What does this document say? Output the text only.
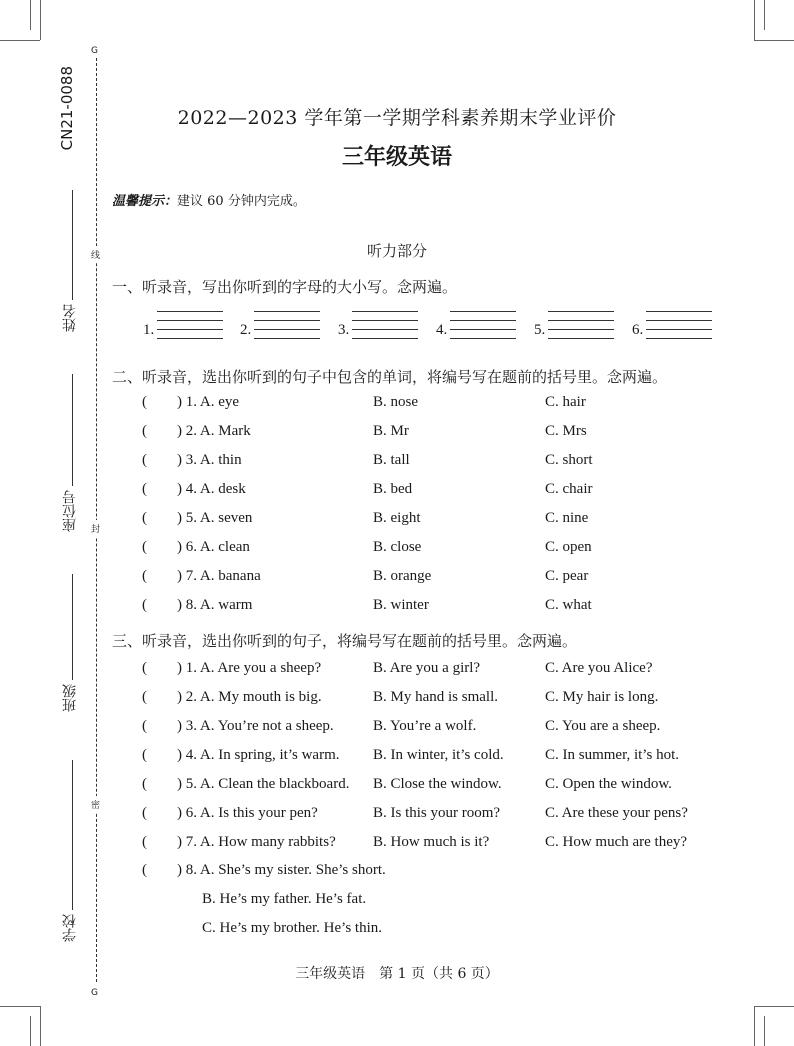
CN21-0088
G
G
线
封
密
姓名
座位号
班级
学校
2022—2023 学年第一学期学科素养期末学业评价
三年级英语
温馨提示：建议 60 分钟内完成。
听力部分
一、听录音，写出你听到的字母的大小写。念两遍。
1.	2.	3.	4.	5.	6.
二、听录音，选出你听到的句子中包含的单词，将编号写在题前的括号里。念两遍。
( ) 1. A. eye	B. nose	C. hair
( ) 2. A. Mark	B. Mr	C. Mrs
( ) 3. A. thin	B. tall	C. short
( ) 4. A. desk	B. bed	C. chair
( ) 5. A. seven	B. eight	C. nine
( ) 6. A. clean	B. close	C. open
( ) 7. A. banana	B. orange	C. pear
( ) 8. A. warm	B. winter	C. what
三、听录音，选出你听到的句子，将编号写在题前的括号里。念两遍。
( ) 1. A. Are you a sheep?	B. Are you a girl?	C. Are you Alice?
( ) 2. A. My mouth is big.	B. My hand is small.	C. My hair is long.
( ) 3. A. You’re not a sheep.	B. You’re a wolf.	C. You are a sheep.
( ) 4. A. In spring, it’s warm. B. In winter, it’s cold.	C. In summer, it’s hot.
( ) 5. A. Clean the blackboard. B. Close the window.	C. Open the window.
( ) 6. A. Is this your pen?	B. Is this your room?	C. Are these your pens?
( ) 7. A. How many rabbits? B. How much is it?	C. How much are they?
( ) 8. A. She’s my sister. She’s short.
B. He’s my father. He’s fat.
C. He’s my brother. He’s thin.
三年级英语　第 1 页（共 6 页）
